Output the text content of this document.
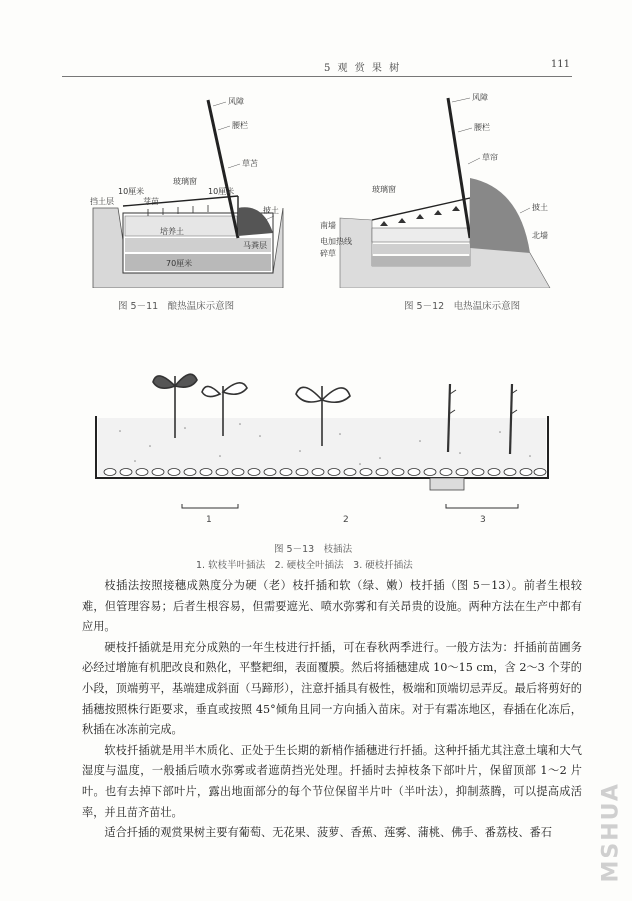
5 观 赏 果 树	111
风障
腰栏
草苫
玻璃窗
10厘米	10厘米
芽苗
挡土层
披土
培养土
马粪层
70厘米
图 5－11　酿热温床示意图
风障
腰栏
草帘
玻璃窗
披土
南墙
电加热线
碎草
北墙
图 5－12　电热温床示意图
1	2	3
图 5－13　枝插法
1. 软枝半叶插法　2. 硬枝全叶插法　3. 硬枝扦插法

枝插法按照接穗成熟度分为硬（老）枝扦插和软（绿、嫩）枝扦插（图 5－13）。前者生根较难，但管理容易；后者生根容易，但需要遮光、喷水弥雾和有关昂贵的设施。两种方法在生产中都有应用。

硬枝扦插就是用充分成熟的一年生枝进行扦插，可在春秋两季进行。一般方法为：扦插前苗圃务必经过增施有机肥改良和熟化，平整耙细，表面覆膜。然后将插穗建成 10～15 cm，含 2～3 个芽的小段，顶端剪平，基端建成斜面（马蹄形），注意扦插具有极性，极端和顶端切忌弄反。最后将剪好的插穗按照株行距要求，垂直或按照 45°倾角且同一方向插入苗床。对于有霜冻地区，春插在化冻后，秋插在冰冻前完成。

软枝扦插就是用半木质化、正处于生长期的新梢作插穗进行扦插。这种扦插尤其注意土壤和大气湿度与温度，一般插后喷水弥雾或者遮荫挡光处理。扦插时去掉枝条下部叶片，保留顶部 1～2 片叶。也有去掉下部叶片，露出地面部分的每个节位保留半片叶（半叶法），抑制蒸腾，可以提高成活率，并且苗齐苗壮。

适合扦插的观赏果树主要有葡萄、无花果、菠萝、香蕉、莲雾、蒲桃、佛手、番荔枝、番石	MSHUA
